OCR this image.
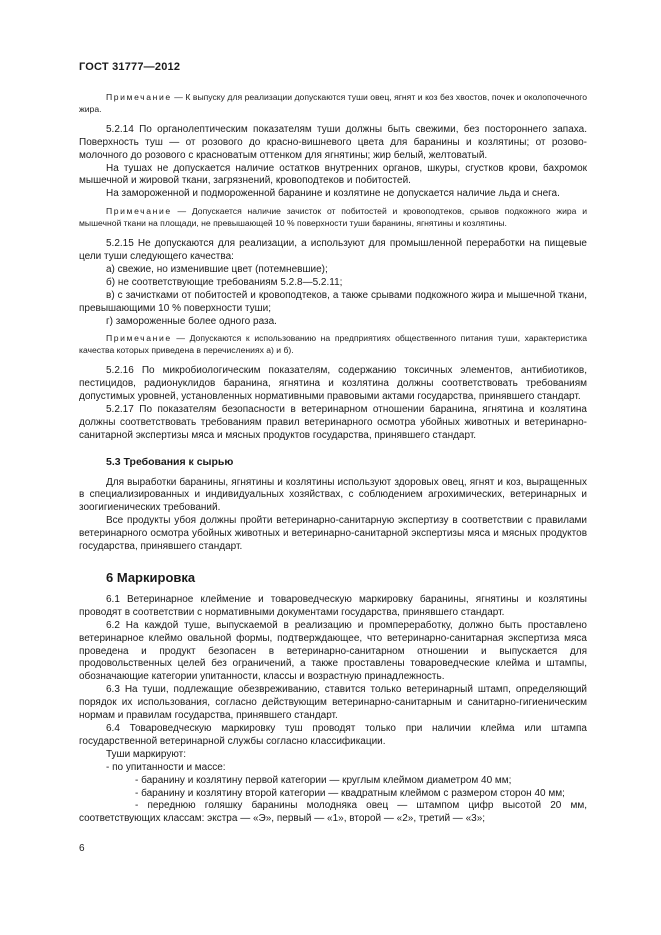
ГОСТ 31777—2012

Примечание — К выпуску для реализации допускаются туши овец, ягнят и коз без хвостов, почек и околопочечного жира.

5.2.14 По органолептическим показателям туши должны быть свежими, без постороннего запаха. Поверхность туш — от розового до красно-вишневого цвета для баранины и козлятины; от розово-молочного до розового с красноватым оттенком для ягнятины; жир белый, желтоватый.

На тушах не допускается наличие остатков внутренних органов, шкуры, сгустков крови, бахромок мышечной и жировой ткани, загрязнений, кровоподтеков и побитостей.

На замороженной и подмороженной баранине и козлятине не допускается наличие льда и снега.

Примечание — Допускается наличие зачисток от побитостей и кровоподтеков, срывов подкожного жира и мышечной ткани на площади, не превышающей 10 % поверхности туши баранины, ягнятины и козлятины.

5.2.15 Не допускаются для реализации, а используют для промышленной переработки на пищевые цели туши следующего качества:

а) свежие, но изменившие цвет (потемневшие);

б) не соответствующие требованиям 5.2.8—5.2.11;

в) с зачистками от побитостей и кровоподтеков, а также срывами подкожного жира и мышечной ткани, превышающими 10 % поверхности туши;

г) замороженные более одного раза.

Примечание — Допускаются к использованию на предприятиях общественного питания туши, характеристика качества которых приведена в перечислениях а) и б).

5.2.16 По микробиологическим показателям, содержанию токсичных элементов, антибиотиков, пестицидов, радионуклидов баранина, ягнятина и козлятина должны соответствовать требованиям допустимых уровней, установленных нормативными правовыми актами государства, принявшего стандарт.

5.2.17 По показателям безопасности в ветеринарном отношении баранина, ягнятина и козлятина должны соответствовать требованиям правил ветеринарного осмотра убойных животных и ветеринарно-санитарной экспертизы мяса и мясных продуктов государства, принявшего стандарт.

5.3 Требования к сырью

Для выработки баранины, ягнятины и козлятины используют здоровых овец, ягнят и коз, выращенных в специализированных и индивидуальных хозяйствах, с соблюдением агрохимических, ветеринарных и зоогигиенических требований.

Все продукты убоя должны пройти ветеринарно-санитарную экспертизу в соответствии с правилами ветеринарного осмотра убойных животных и ветеринарно-санитарной экспертизы мяса и мясных продуктов государства, принявшего стандарт.

6 Маркировка

6.1 Ветеринарное клеймение и товароведческую маркировку баранины, ягнятины и козлятины проводят в соответствии с нормативными документами государства, принявшего стандарт.

6.2 На каждой туше, выпускаемой в реализацию и промпереработку, должно быть проставлено ветеринарное клеймо овальной формы, подтверждающее, что ветеринарно-санитарная экспертиза мяса проведена и продукт безопасен в ветеринарно-санитарном отношении и выпускается для продовольственных целей без ограничений, а также проставлены товароведческие клейма и штампы, обозначающие категории упитанности, классы и возрастную принадлежность.

6.3 На туши, подлежащие обезвреживанию, ставится только ветеринарный штамп, определяющий порядок их использования, согласно действующим ветеринарно-санитарным и санитарно-гигиеническим нормам и правилам государства, принявшего стандарт.

6.4 Товароведческую маркировку туш проводят только при наличии клейма или штампа государственной ветеринарной службы согласно классификации.

Туши маркируют:

- по упитанности и массе:

- баранину и козлятину первой категории — круглым клеймом диаметром 40 мм;

- баранину и козлятину второй категории — квадратным клеймом с размером сторон 40 мм;

- переднюю голяшку баранины молодняка овец — штампом цифр высотой 20 мм, соответствующих классам: экстра — «Э», первый — «1», второй — «2», третий — «3»;

6
